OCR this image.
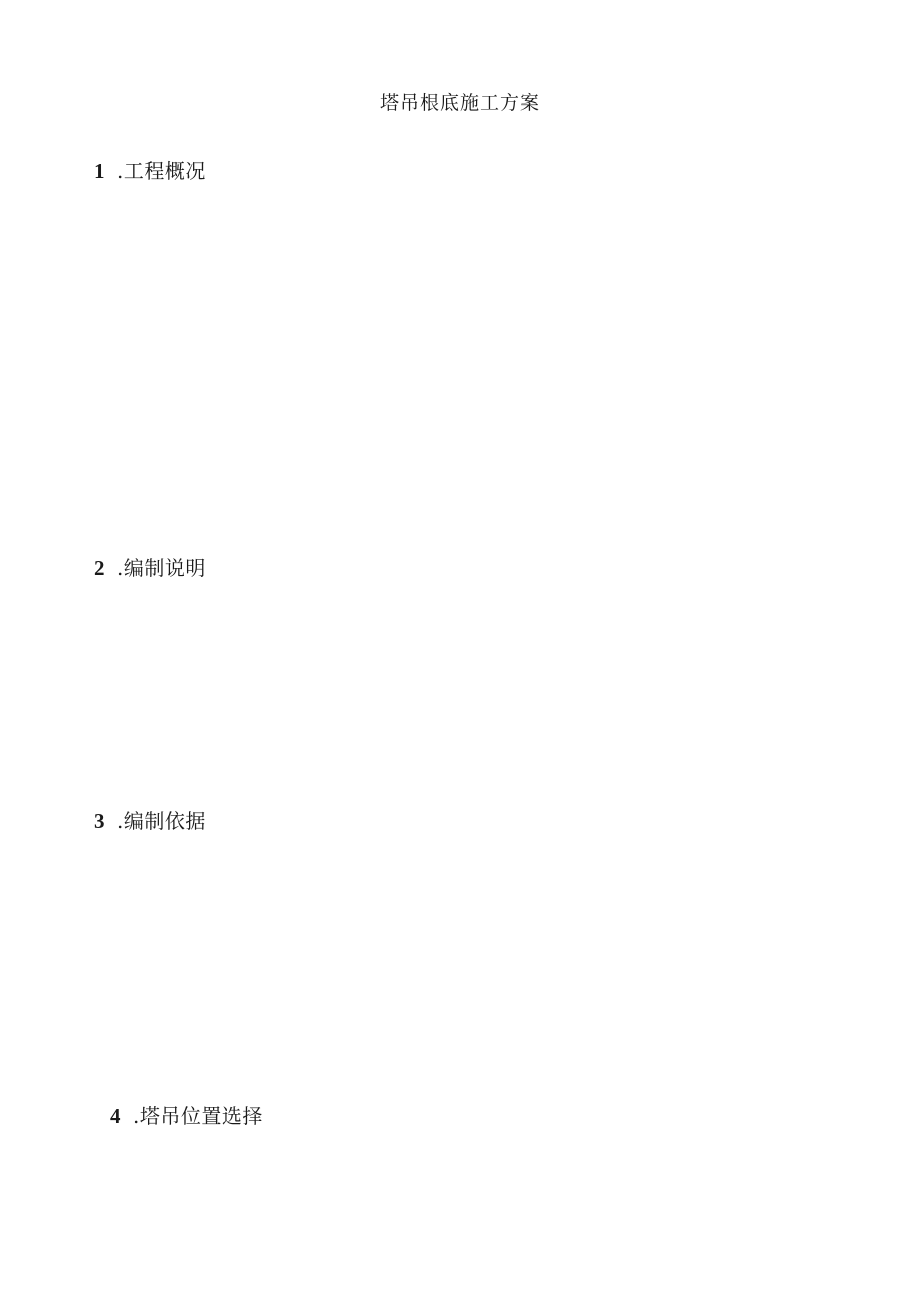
塔吊根底施工方案
1 .工程概况
2 .编制说明
3 .编制依据
4 .塔吊位置选择
